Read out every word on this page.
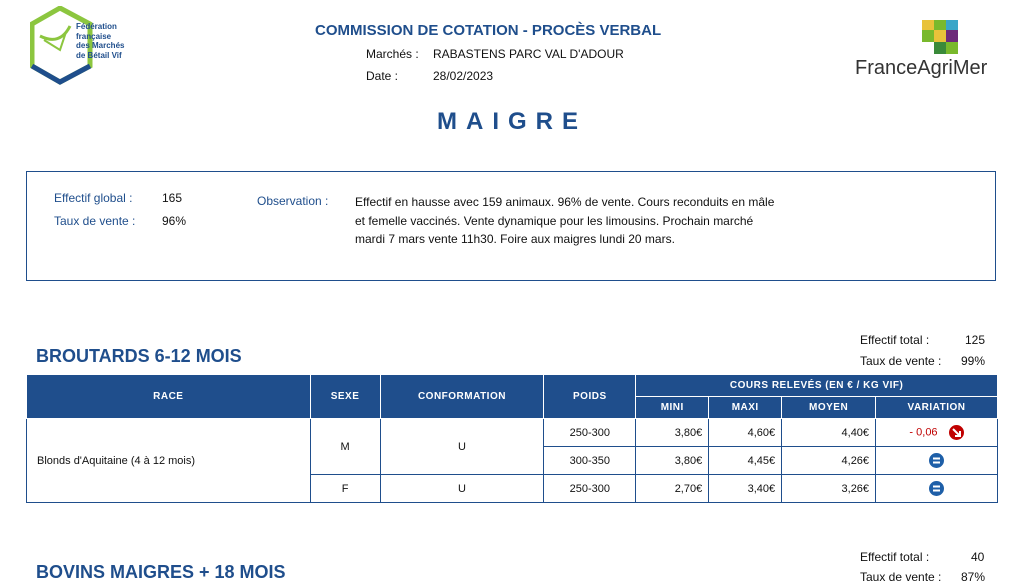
Fédération
française
des Marchés
de Bétail Vif
COMMISSION DE COTATION - PROCÈS VERBAL
Marchés : RABASTENS PARC VAL D'ADOUR
Date :	28/02/2023	FranceAgriMer
MAIGRE
Effectif global : 165
Taux de vente : 96%
Observation : Effectif en hausse avec 159 animaux. 96% de vente. Cours reconduits en mâle et femelle vaccinés. Vente dynamique pour les limousins. Prochain marché mardi 7 mars vente 11h30. Foire aux maigres lundi 20 mars.
BROUTARDS 6-12 MOIS
Effectif total :	125
Taux de vente : 99%
RACE	SEXE	CONFORMATION	POIDS	COURS RELEVÉS (EN € / KG VIF)			
				MINI	MAXI	MOYEN	VARIATION
Blonds d'Aquitaine (4 à 12 mois)	M	U	250-300	3,80€	4,60€	4,40€	- 0,06

			300-350	3,80€	4,45€	4,26€	

	F	U	250-300	2,70€	3,40€	3,26€	
BOVINS MAIGRES + 18 MOIS
Effectif total :	40
Taux de vente : 87%
